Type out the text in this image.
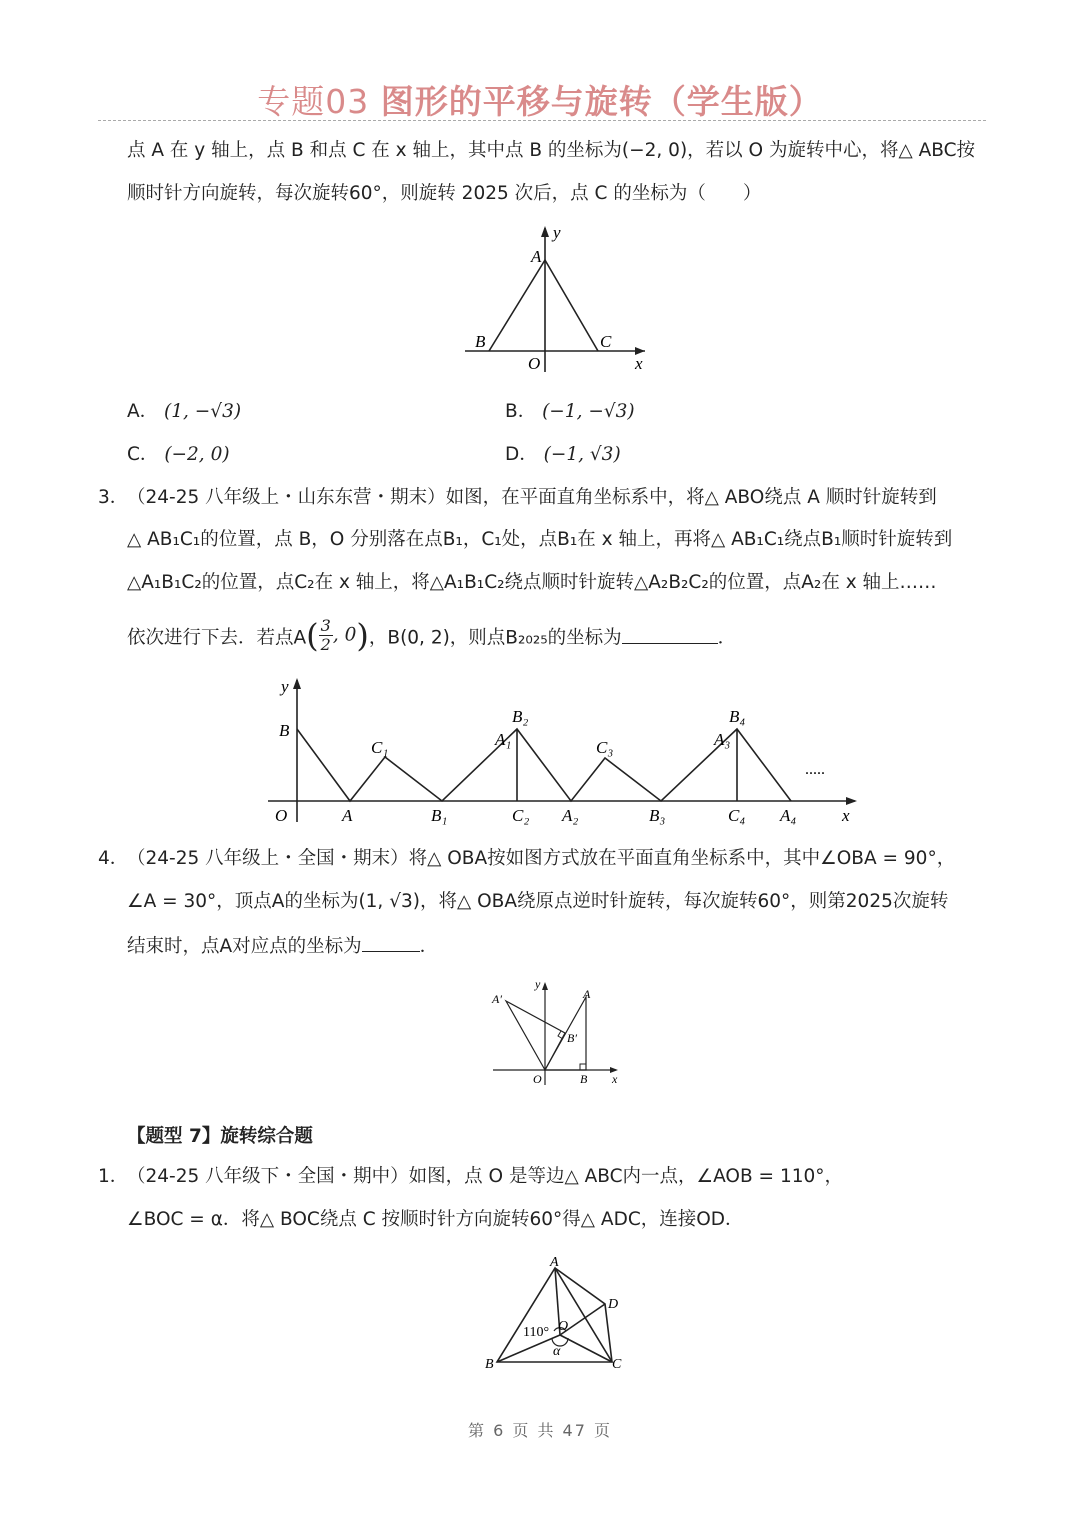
专题03 图形的平移与旋转（学生版）
点 A 在 y 轴上，点 B 和点 C 在 x 轴上，其中点 B 的坐标为(−2, 0)，若以 O 为旋转中心，将△ ABC按
顺时针方向旋转，每次旋转60°，则旋转 2025 次后，点 C 的坐标为（　　）
y
A
B	C
O	x
A． (1, −√3)	B． (−1, −√3)
C． (−2, 0)	D． (−1, √3)
3．
（24-25 八年级上・山东东营・期末）如图，在平面直角坐标系中，将△ ABO绕点 A 顺时针旋转到
△ AB₁C₁的位置，点 B，O 分别落在点B₁，C₁处，点B₁在 x 轴上，再将△ AB₁C₁绕点B₁顺时针旋转到
△A₁B₁C₂的位置，点C₂在 x 轴上，将△A₁B₁C₂绕点顺时针旋转△A₂B₂C₂的位置，点A₂在 x 轴上……
依次进行下去．若点$A( \frac{3}{2}$ , 0)，B(0, 2)，则点B₂₀₂₅的坐标为	．
y
B
C₁
B₂
A₁	C₃
B₄
A₃
.....
O	A	B₁	C₂ A₂	B₃	C₄ A₄	x
4．
（24-25 八年级上・全国・期末）将△ OBA按如图方式放在平面直角坐标系中，其中∠OBA = 90°，
∠A = 30°，顶点A的坐标为(1, √3)，将△ OBA绕原点逆时针旋转，每次旋转60°，则第2025次旋转
结束时，点A对应点的坐标为	．
A′
y
A
B′
O	B x
【题型 7】旋转综合题
1．
（24-25 八年级下・全国・期中）如图，点 O 是等边△ ABC内一点，∠AOB = 110°，
∠BOC = α．将△ BOC绕点 C 按顺时针方向旋转60°得△ ADC，连接OD．
A
D
110° O
α
B	C
第 6 页 共 47 页
